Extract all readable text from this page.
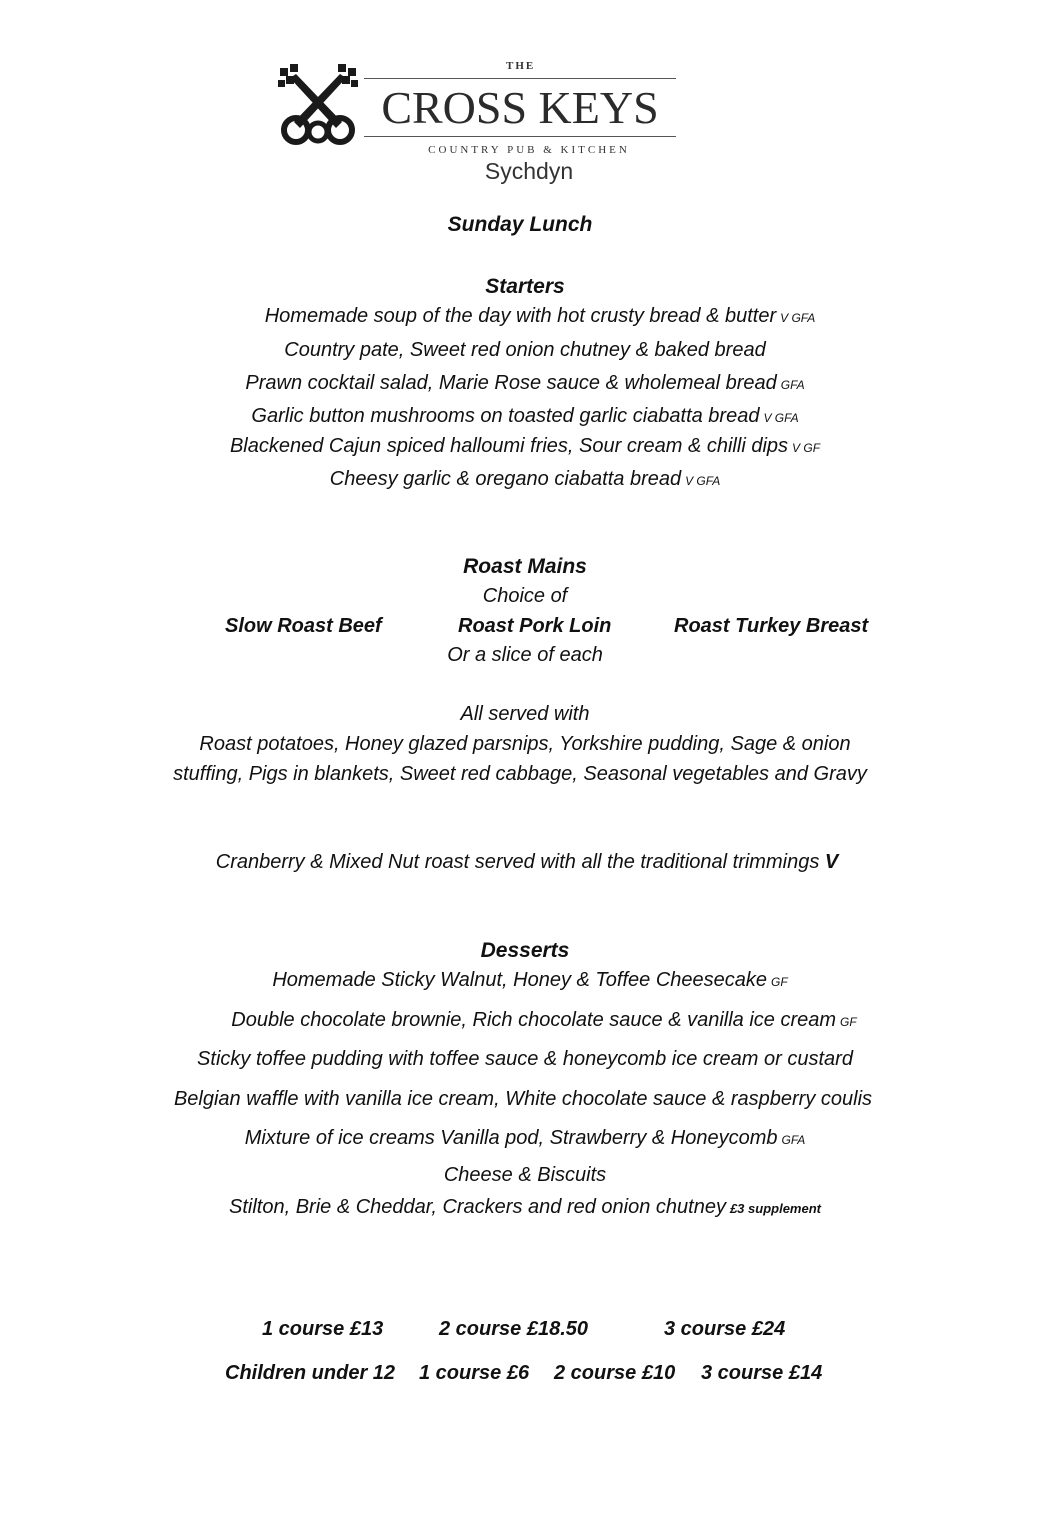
THE
CROSS KEYS
COUNTRY PUB & KITCHEN
Sychdyn
Sunday Lunch
Starters
Homemade soup of the day with hot crusty bread & butter V GFA
Country pate, Sweet red onion chutney & baked bread
Prawn cocktail salad, Marie Rose sauce & wholemeal bread GFA
Garlic button mushrooms on toasted garlic ciabatta bread V GFA
Blackened Cajun spiced halloumi fries, Sour cream & chilli dips V GF
Cheesy garlic & oregano ciabatta bread V GFA
Roast Mains
Choice of
Slow Roast Beef	Roast Pork Loin	Roast Turkey Breast
Or a slice of each
All served with
Roast potatoes, Honey glazed parsnips, Yorkshire pudding, Sage & onion
stuffing, Pigs in blankets, Sweet red cabbage, Seasonal vegetables and Gravy
Cranberry & Mixed Nut roast served with all the traditional trimmings V
Desserts
Homemade Sticky Walnut, Honey & Toffee Cheesecake GF
Double chocolate brownie, Rich chocolate sauce & vanilla ice cream GF
Sticky toffee pudding with toffee sauce & honeycomb ice cream or custard
Belgian waffle with vanilla ice cream, White chocolate sauce & raspberry coulis
Mixture of ice creams Vanilla pod, Strawberry & Honeycomb GFA
Cheese & Biscuits
Stilton, Brie & Cheddar, Crackers and red onion chutney £3 supplement
1 course £13	2 course £18.50	3 course £24
Children under 12 1 course £6 2 course £10 3 course £14
